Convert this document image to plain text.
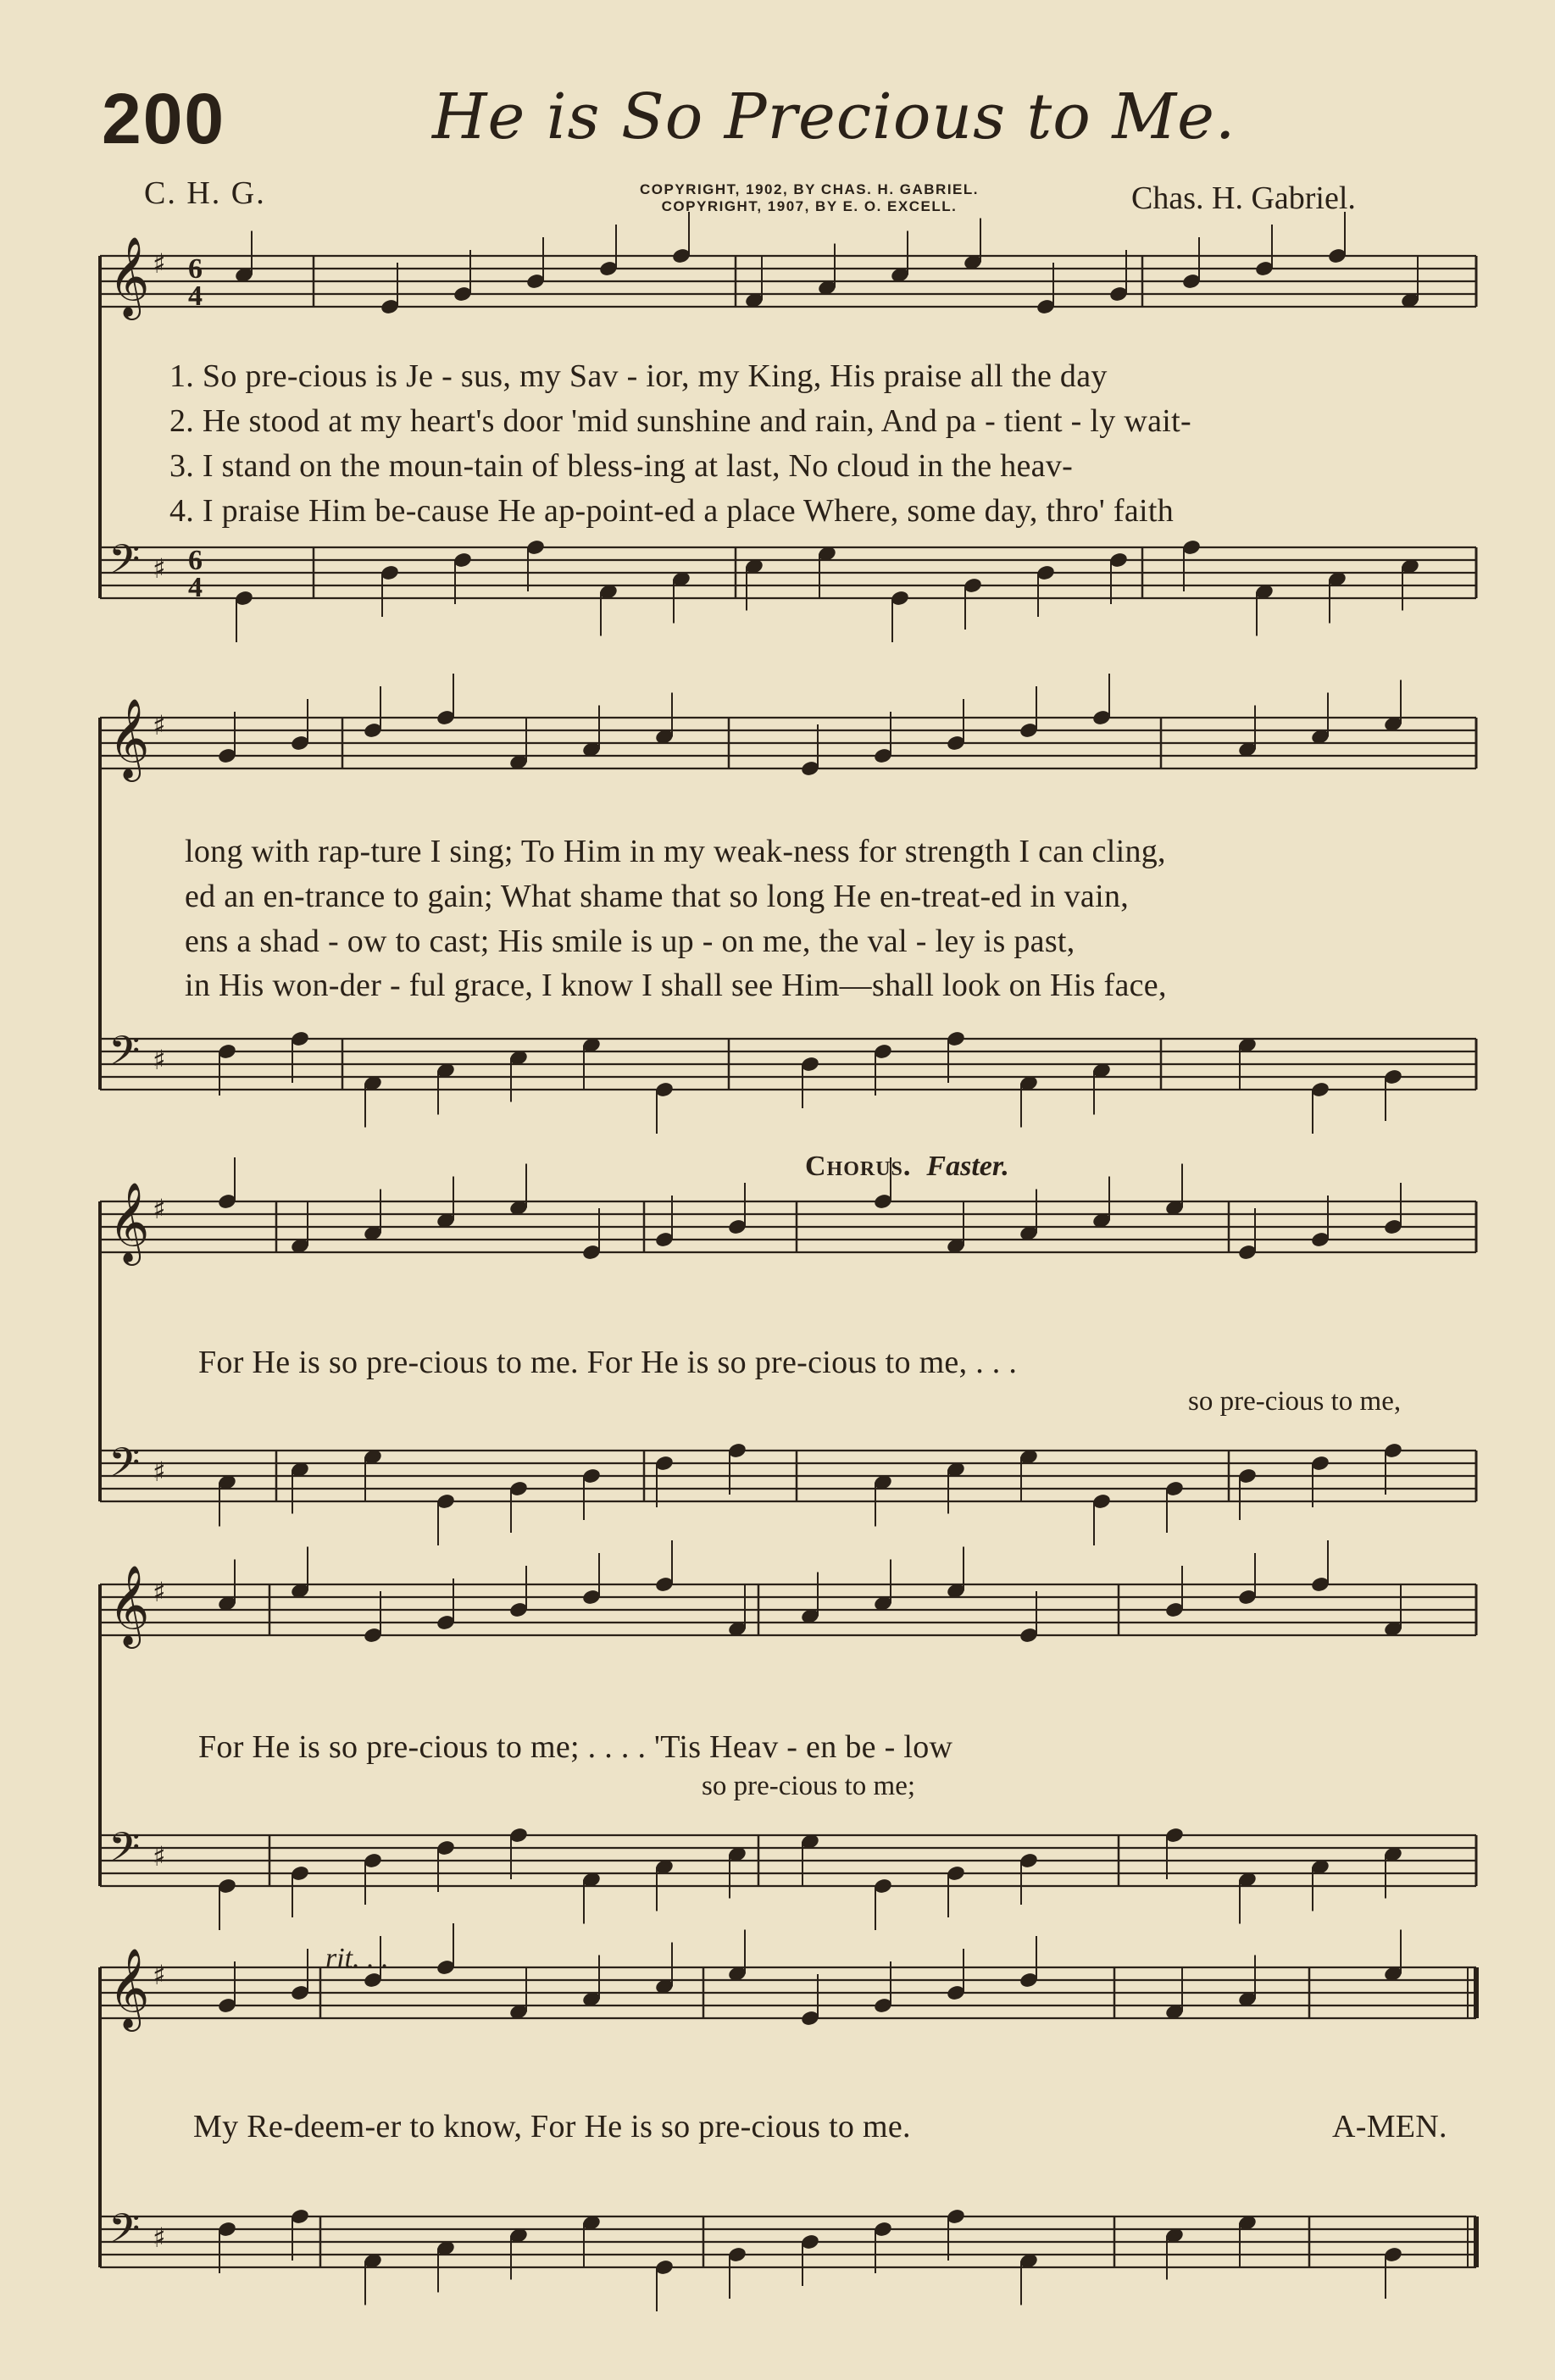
200	He is So Precious to Me.
C. H. G.	COPYRIGHT, 1902, BY CHAS. H. GABRIEL.
COPYRIGHT, 1907, BY E. O. EXCELL.	Chas. H. Gabriel.
𝄞 ♯
𝄢 ♯
𝄞 ♯
𝄢 ♯
𝄞 ♯
𝄢 ♯
𝄞 ♯
𝄢 ♯
𝄞 ♯
𝄢 ♯
6
4
6
4
1. So pre-cious is Je - sus, my Sav - ior, my King, His praise all the day
2. He stood at my heart's door 'mid sunshine and rain, And pa - tient - ly wait-
3. I stand on the moun-tain of bless-ing at last, No cloud in the heav-
4. I praise Him be-cause He ap-point-ed a place Where, some day, thro' faith
long with rap-ture I sing; To Him in my weak-ness for strength I can cling,
ed an en-trance to gain; What shame that so long He en-treat-ed in vain,
ens a shad - ow to cast; His smile is up - on me, the val - ley is past,
in His won-der - ful grace, I know I shall see Him—shall look on His face,
Chorus. Faster.
For He is so pre-cious to me. For He is so pre-cious to me, . . .
so pre-cious to me,
For He is so pre-cious to me; . . . . 'Tis Heav - en be - low
so pre-cious to me;
rit. . .
My Re-deem-er to know, For He is so pre-cious to me.	A-MEN.
